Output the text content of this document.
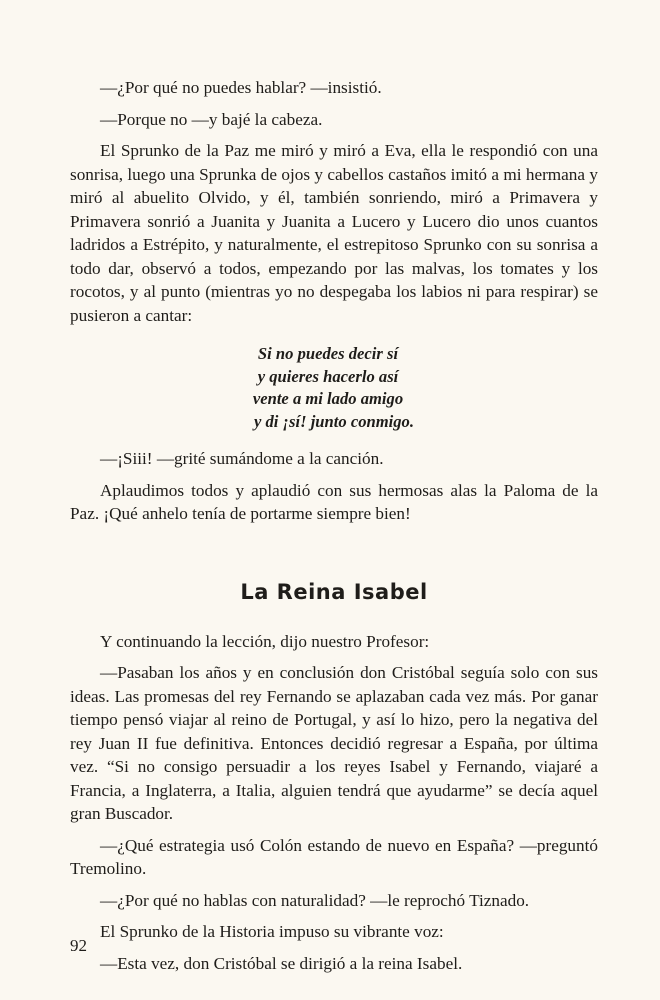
—¿Por qué no puedes hablar? —insistió.

—Porque no —y bajé la cabeza.

El Sprunko de la Paz me miró y miró a Eva, ella le respondió con una sonrisa, luego una Sprunka de ojos y cabellos castaños imitó a mi hermana y miró al abuelito Olvido, y él, también sonriendo, miró a Primavera y Primavera sonrió a Juanita y Juanita a Lucero y Lucero dio unos cuantos ladridos a Estrépito, y naturalmente, el estrepitoso Sprunko con su sonrisa a todo dar, observó a todos, empezando por las malvas, los tomates y los rocotos, y al punto (mientras yo no despegaba los labios ni para respirar) se pusieron a cantar:

Si no puedes decir sí
y quieres hacerlo así
vente a mi lado amigo
y di ¡sí! junto conmigo.

—¡Siii! —grité sumándome a la canción.

Aplaudimos todos y aplaudió con sus hermosas alas la Paloma de la Paz. ¡Qué anhelo tenía de portarme siempre bien!

La Reina Isabel

Y continuando la lección, dijo nuestro Profesor:

—Pasaban los años y en conclusión don Cristóbal seguía solo con sus ideas. Las promesas del rey Fernando se aplazaban cada vez más. Por ganar tiempo pensó viajar al reino de Portugal, y así lo hizo, pero la negativa del rey Juan II fue definitiva. Entonces decidió regresar a España, por última vez. “Si no consigo persuadir a los reyes Isabel y Fernando, viajaré a Francia, a Inglaterra, a Italia, alguien tendrá que ayudarme” se decía aquel gran Buscador.

—¿Qué estrategia usó Colón estando de nuevo en España? —preguntó Tremolino.

—¿Por qué no hablas con naturalidad? —le reprochó Tiznado.

El Sprunko de la Historia impuso su vibrante voz:

—Esta vez, don Cristóbal se dirigió a la reina Isabel.

92
